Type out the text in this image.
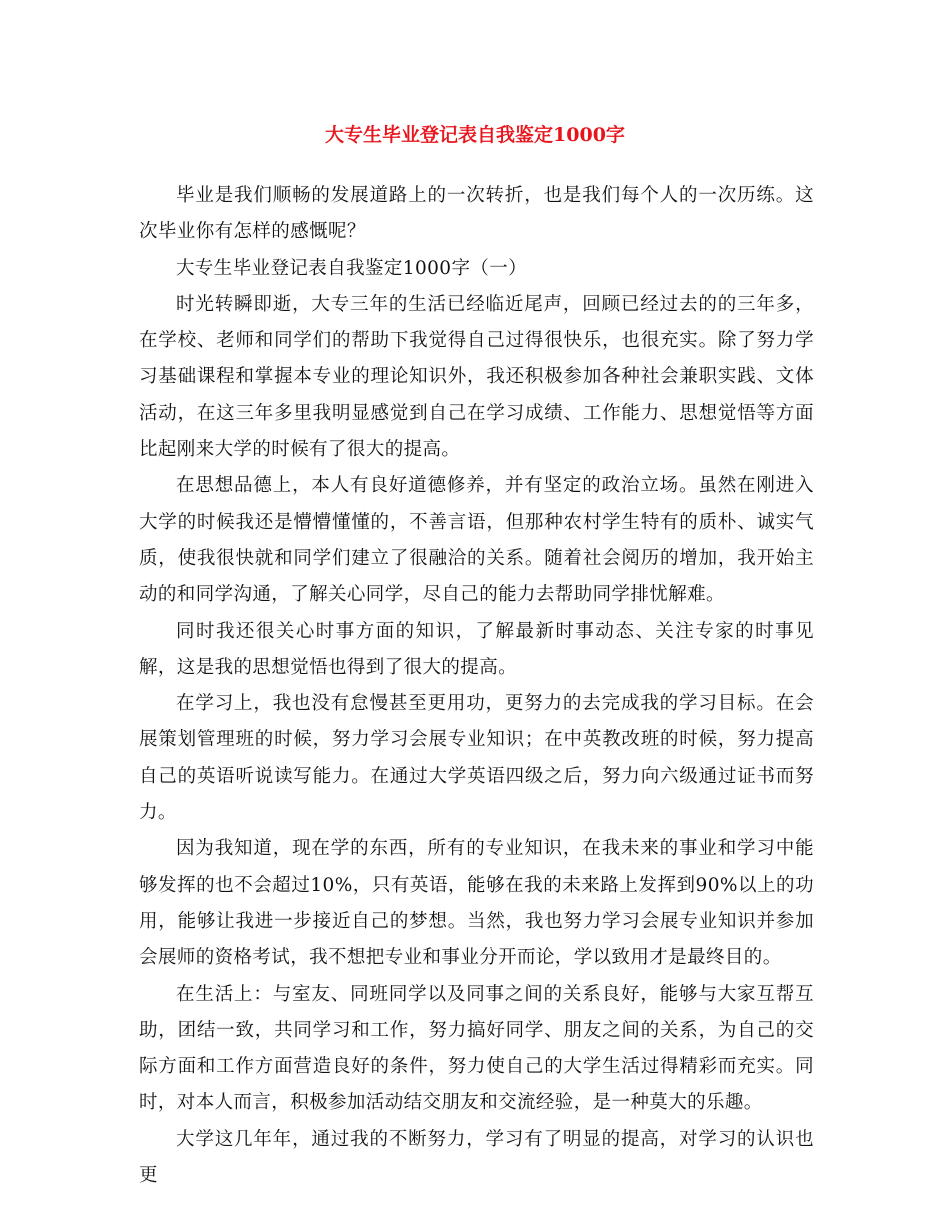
大专生毕业登记表自我鉴定1000字

毕业是我们顺畅的发展道路上的一次转折，也是我们每个人的一次历练。这次毕业你有怎样的感慨呢？

大专生毕业登记表自我鉴定1000字（一）

时光转瞬即逝，大专三年的生活已经临近尾声，回顾已经过去的的三年多，在学校、老师和同学们的帮助下我觉得自己过得很快乐，也很充实。除了努力学习基础课程和掌握本专业的理论知识外，我还积极参加各种社会兼职实践、文体活动，在这三年多里我明显感觉到自己在学习成绩、工作能力、思想觉悟等方面比起刚来大学的时候有了很大的提高。

在思想品德上，本人有良好道德修养，并有坚定的政治立场。虽然在刚进入大学的时候我还是懵懵懂懂的，不善言语，但那种农村学生特有的质朴、诚实气质，使我很快就和同学们建立了很融洽的关系。随着社会阅历的增加，我开始主动的和同学沟通，了解关心同学，尽自己的能力去帮助同学排忧解难。

同时我还很关心时事方面的知识，了解最新时事动态、关注专家的时事见解，这是我的思想觉悟也得到了很大的提高。

在学习上，我也没有怠慢甚至更用功，更努力的去完成我的学习目标。在会展策划管理班的时候，努力学习会展专业知识；在中英教改班的时候，努力提高自己的英语听说读写能力。在通过大学英语四级之后，努力向六级通过证书而努力。

因为我知道，现在学的东西，所有的专业知识，在我未来的事业和学习中能够发挥的也不会超过10%，只有英语，能够在我的未来路上发挥到90%以上的功用，能够让我进一步接近自己的梦想。当然，我也努力学习会展专业知识并参加会展师的资格考试，我不想把专业和事业分开而论，学以致用才是最终目的。

在生活上：与室友、同班同学以及同事之间的关系良好，能够与大家互帮互助，团结一致，共同学习和工作，努力搞好同学、朋友之间的关系，为自己的交际方面和工作方面营造良好的条件，努力使自己的大学生活过得精彩而充实。同时，对本人而言，积极参加活动结交朋友和交流经验，是一种莫大的乐趣。

大学这几年年，通过我的不断努力，学习有了明显的提高，对学习的认识也更
